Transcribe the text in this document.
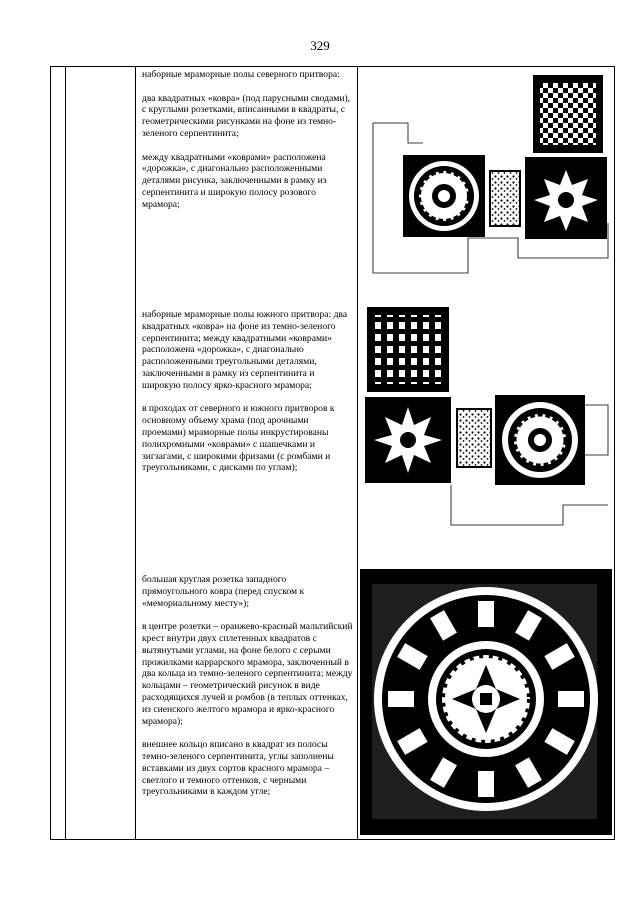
329

наборные мраморные полы северного притвора:

два квадратных «ковра» (под парусными сводами), с круглыми розетками, вписанными в квадраты, с геометрическими рисунками на фоне из темно-зеленого серпентинита;

между квадратными «коврами» расположена «дорожка», с диагонально расположенными деталями рисунка, заключенными в рамку из серпентинита и широкую полосу розового мрамора;

наборные мраморные полы южного притвора: два квадратных «ковра» на фоне из темно-зеленого серпентинита; между квадратными «коврами» расположена «дорожка», с диагонально расположенными треугольными деталями, заключенными в рамку из серпентинита и широкую полосу ярко-красного мрамора;

в проходах от северного и южного притворов к основному объему храма (под арочными проемами) мраморные полы инкрустированы полихромными «коврами» с шашечками и зигзагами, с широкими фризами (с ромбами и треугольниками, с дисками по углам);

большая круглая розетка западного прямоугольного ковра (перед спуском к «мемориальному месту»);

в центре розетки – оранжево-красный мальтийский крест внутри двух сплетенных квадратов с вытянутыми углами, на фоне белого с серыми прожилками каррарского мрамора, заключенный в два кольца из темно-зеленого серпентинита; между кольцами – геометрический рисунок в виде расходящихся лучей и ромбов (в теплых оттенках, из сиенского желтого мрамора и ярко-красного мрамора);

внешнее кольцо вписано в квадрат из полосы темно-зеленого серпентинита, углы заполнены вставками из двух сортов красного мрамора – светлого и темного оттенков, с черными треугольниками в каждом угле;
